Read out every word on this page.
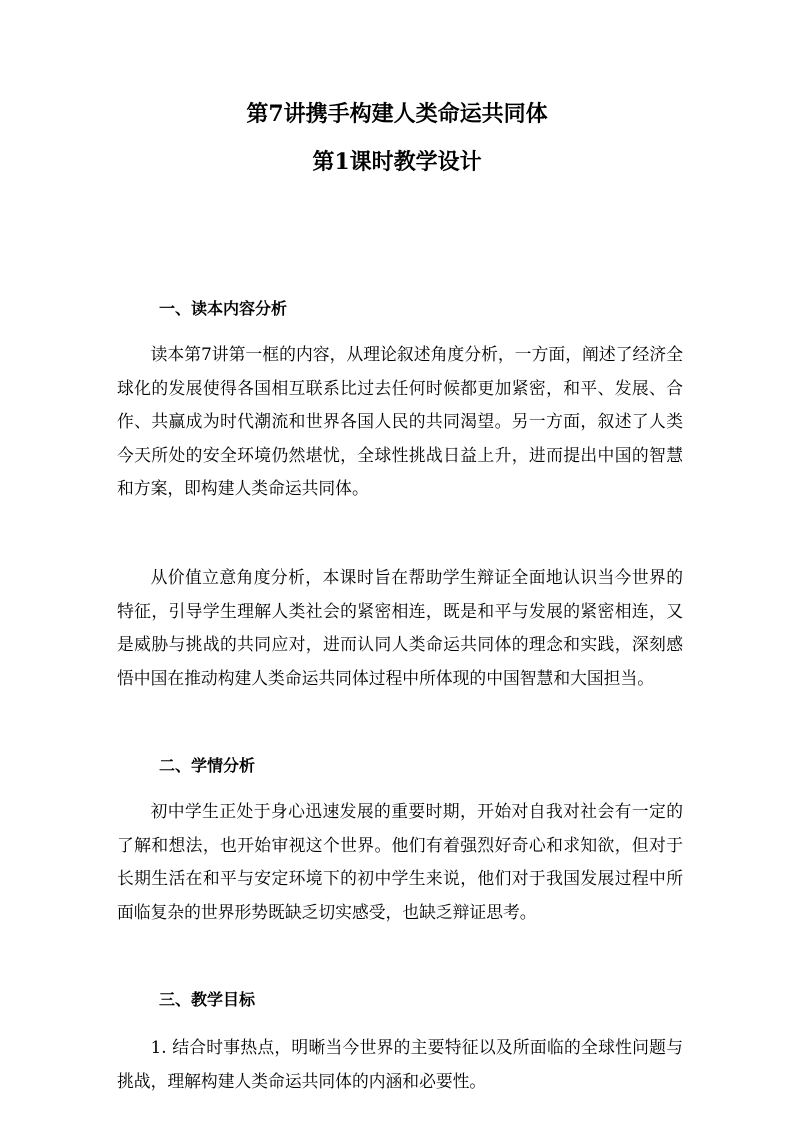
第7讲携手构建人类命运共同体
第1课时教学设计
一、读本内容分析

读本第7讲第一框的内容，从理论叙述角度分析，一方面，阐述了经济全球化的发展使得各国相互联系比过去任何时候都更加紧密，和平、发展、合作、共赢成为时代潮流和世界各国人民的共同渴望。另一方面，叙述了人类今天所处的安全环境仍然堪忧，全球性挑战日益上升，进而提出中国的智慧和方案，即构建人类命运共同体。

从价值立意角度分析，本课时旨在帮助学生辩证全面地认识当今世界的特征，引导学生理解人类社会的紧密相连，既是和平与发展的紧密相连，又是威胁与挑战的共同应对，进而认同人类命运共同体的理念和实践，深刻感悟中国在推动构建人类命运共同体过程中所体现的中国智慧和大国担当。

二、学情分析

初中学生正处于身心迅速发展的重要时期，开始对自我对社会有一定的了解和想法，也开始审视这个世界。他们有着强烈好奇心和求知欲，但对于长期生活在和平与安定环境下的初中学生来说，他们对于我国发展过程中所面临复杂的世界形势既缺乏切实感受，也缺乏辩证思考。

三、教学目标

1. 结合时事热点，明晰当今世界的主要特征以及所面临的全球性问题与挑战，理解构建人类命运共同体的内涵和必要性。
